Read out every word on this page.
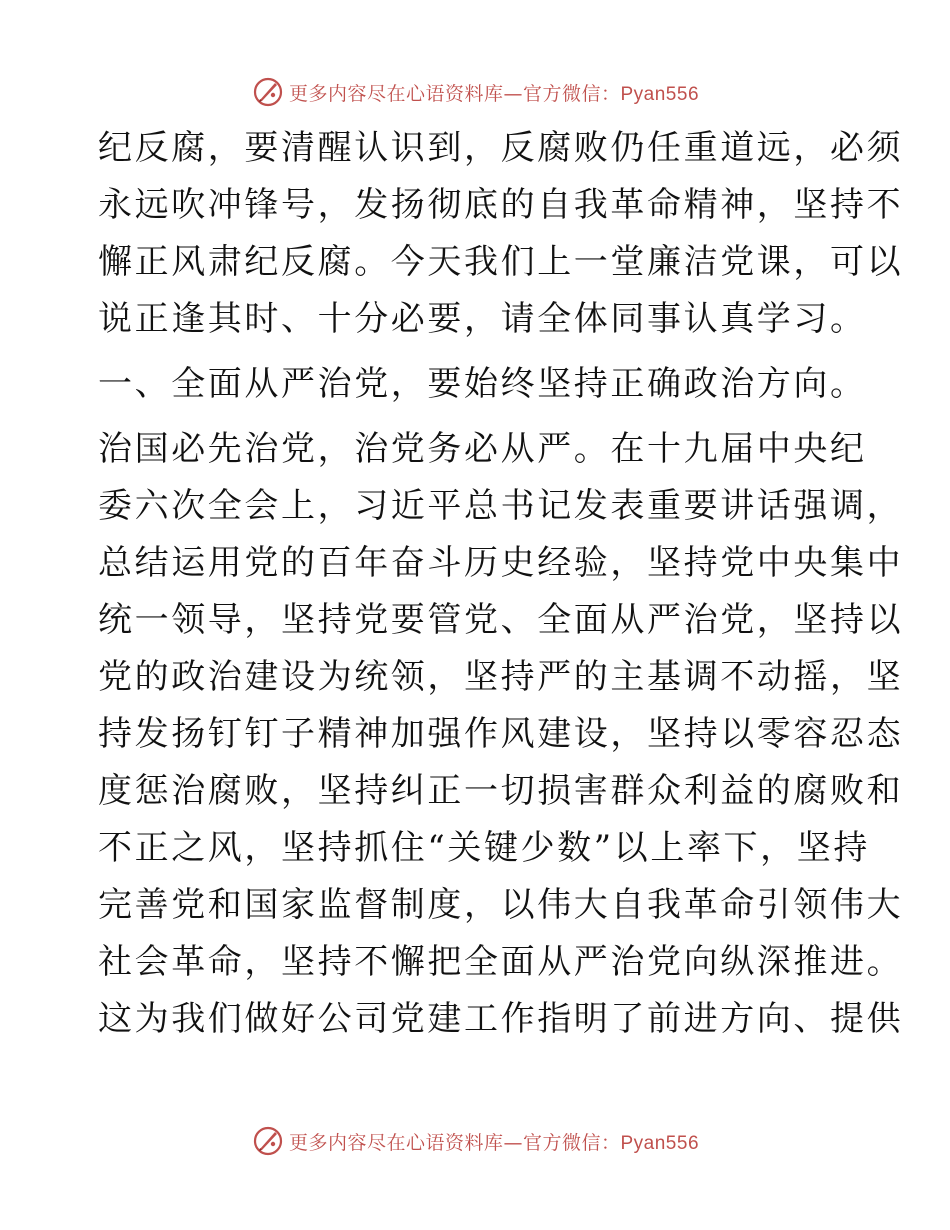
更多内容尽在心语资料库—官方微信：Pyan556
纪反腐，要清醒认识到，反腐败仍任重道远，必须
永远吹冲锋号，发扬彻底的自我革命精神，坚持不
懈正风肃纪反腐。今天我们上一堂廉洁党课，可以
说正逢其时、十分必要，请全体同事认真学习。
一、全面从严治党，要始终坚持正确政治方向。
治国必先治党，治党务必从严。在十九届中央纪
委六次全会上，习近平总书记发表重要讲话强调，
总结运用党的百年奋斗历史经验，坚持党中央集中
统一领导，坚持党要管党、全面从严治党，坚持以
党的政治建设为统领，坚持严的主基调不动摇，坚
持发扬钉钉子精神加强作风建设，坚持以零容忍态
度惩治腐败，坚持纠正一切损害群众利益的腐败和
不正之风，坚持抓住“关键少数”以上率下，坚持
完善党和国家监督制度，以伟大自我革命引领伟大
社会革命，坚持不懈把全面从严治党向纵深推进。
这为我们做好公司党建工作指明了前进方向、提供
更多内容尽在心语资料库—官方微信：Pyan556
